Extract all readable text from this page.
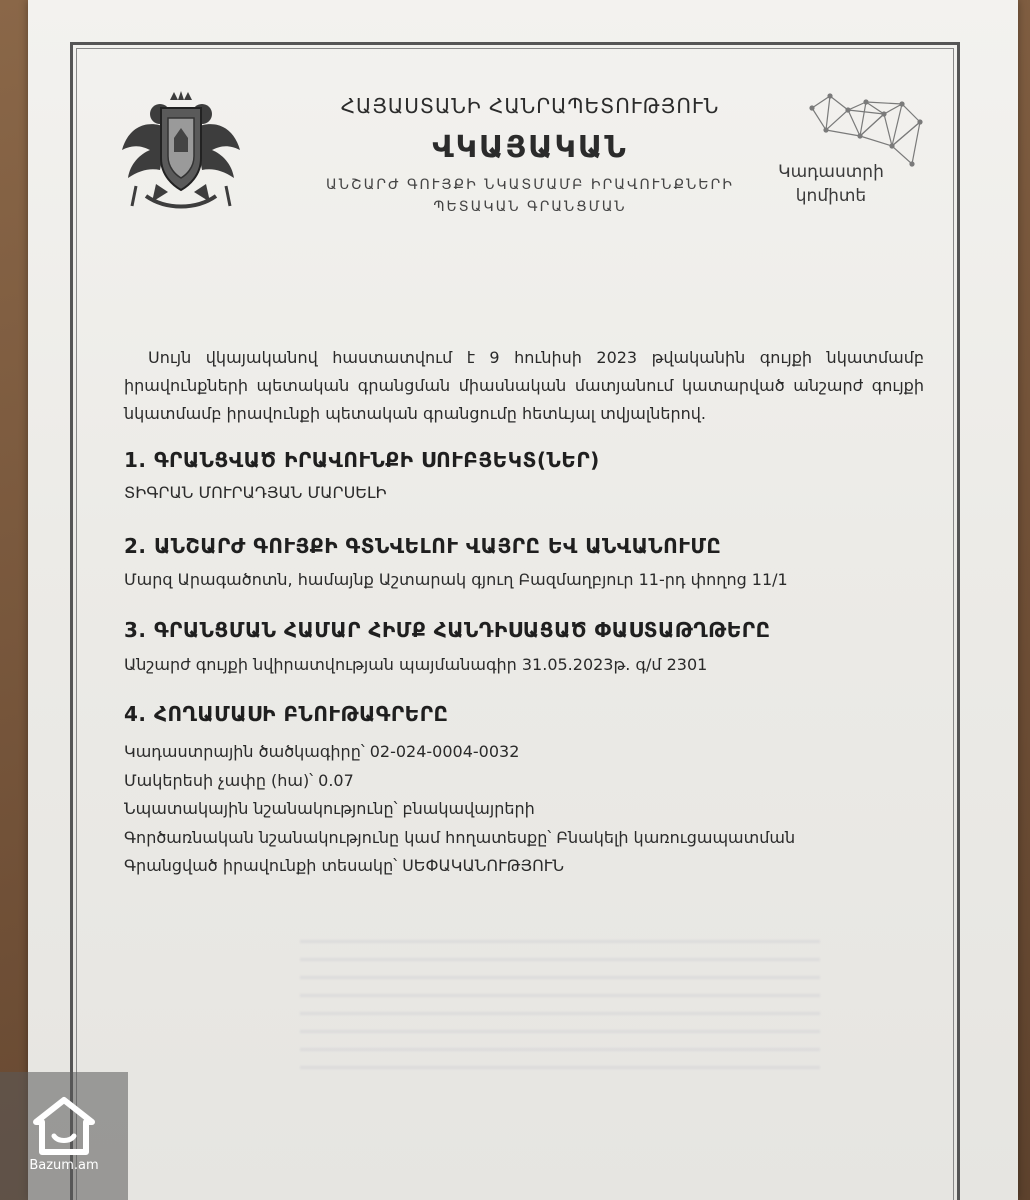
Կադաստրի
կոմիտե
ՀԱՅԱՍՏԱՆԻ ՀԱՆՐԱՊԵՏՈՒԹՅՈՒՆ
ՎԿԱՅԱԿԱՆ
ԱՆՇԱՐԺ ԳՈՒՅՔԻ ՆԿԱՏՄԱՄԲ ԻՐԱՎՈՒՆՔՆԵՐԻ
ՊԵՏԱԿԱՆ ԳՐԱՆՑՄԱՆ
Սույն վկայականով հաստատվում է 9 հունիսի 2023 թվականին գույքի նկատմամբ իրավունքների պետական գրանցման միասնական մատյանում կատարված անշարժ գույքի նկատմամբ իրավունքի պետական գրանցումը հետևյալ տվյալներով.
1. ԳՐԱՆՑՎԱԾ ԻՐԱՎՈՒՆՔԻ ՍՈՒԲՅԵԿՏ(ՆԵՐ)
ՏԻԳՐԱՆ ՄՈՒՐԱԴՅԱՆ ՄԱՐՍԵԼԻ
2. ԱՆՇԱՐԺ ԳՈՒՅՔԻ ԳՏՆՎԵԼՈՒ ՎԱՅՐԸ ԵՎ ԱՆՎԱՆՈՒՄԸ
Մարզ Արագածոտն, համայնք Աշտարակ գյուղ Բազմաղբյուր 11-րդ փողոց 11/1
3. ԳՐԱՆՑՄԱՆ ՀԱՄԱՐ ՀԻՄՔ ՀԱՆԴԻՍԱՑԱԾ ՓԱՍՏԱԹՂԹԵՐԸ
Անշարժ գույքի նվիրատվության պայմանագիր 31.05.2023թ. գ/մ 2301
4. ՀՈՂԱՄԱՍԻ ԲՆՈՒԹԱԳՐԵՐԸ
Կադաստրային ծածկագիրը՝ 02-024-0004-0032
Մակերեսի չափը (հա)՝ 0.07
Նպատակային նշանակությունը՝ բնակավայրերի
Գործառնական նշանակությունը կամ հողատեսքը՝ Բնակելի կառուցապատման
Գրանցված իրավունքի տեսակը՝ ՍԵՓԱԿԱՆՈՒԹՅՈՒՆ
Bazum.am
